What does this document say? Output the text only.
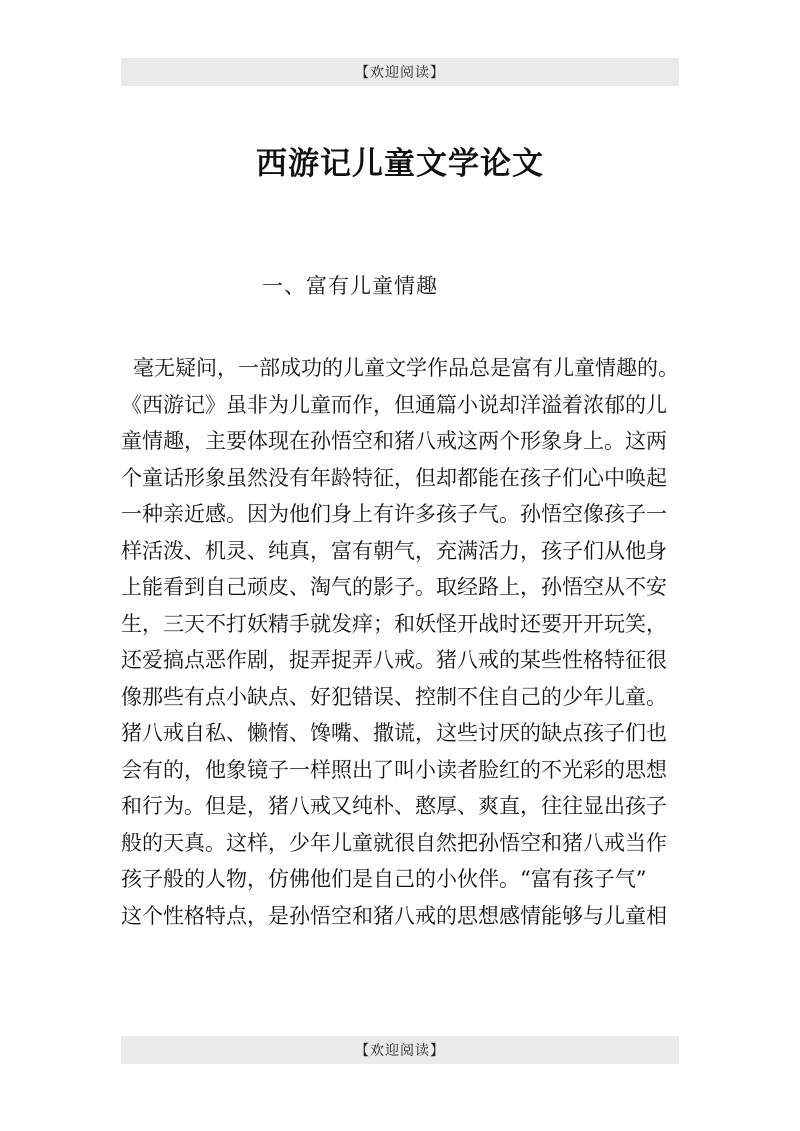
【欢迎阅读】
西游记儿童文学论文
一、富有儿童情趣
毫无疑问，一部成功的儿童文学作品总是富有儿童情趣的。
《西游记》虽非为儿童而作，但通篇小说却洋溢着浓郁的儿
童情趣，主要体现在孙悟空和猪八戒这两个形象身上。这两
个童话形象虽然没有年龄特征，但却都能在孩子们心中唤起
一种亲近感。因为他们身上有许多孩子气。孙悟空像孩子一
样活泼、机灵、纯真，富有朝气，充满活力，孩子们从他身
上能看到自己顽皮、淘气的影子。取经路上，孙悟空从不安
生，三天不打妖精手就发痒；和妖怪开战时还要开开玩笑，
还爱搞点恶作剧，捉弄捉弄八戒。猪八戒的某些性格特征很
像那些有点小缺点、好犯错误、控制不住自己的少年儿童。
猪八戒自私、懒惰、馋嘴、撒谎，这些讨厌的缺点孩子们也
会有的，他象镜子一样照出了叫小读者脸红的不光彩的思想
和行为。但是，猪八戒又纯朴、憨厚、爽直，往往显出孩子
般的天真。这样，少年儿童就很自然把孙悟空和猪八戒当作
孩子般的人物，仿佛他们是自己的小伙伴。“富有孩子气”
这个性格特点，是孙悟空和猪八戒的思想感情能够与儿童相
【欢迎阅读】
